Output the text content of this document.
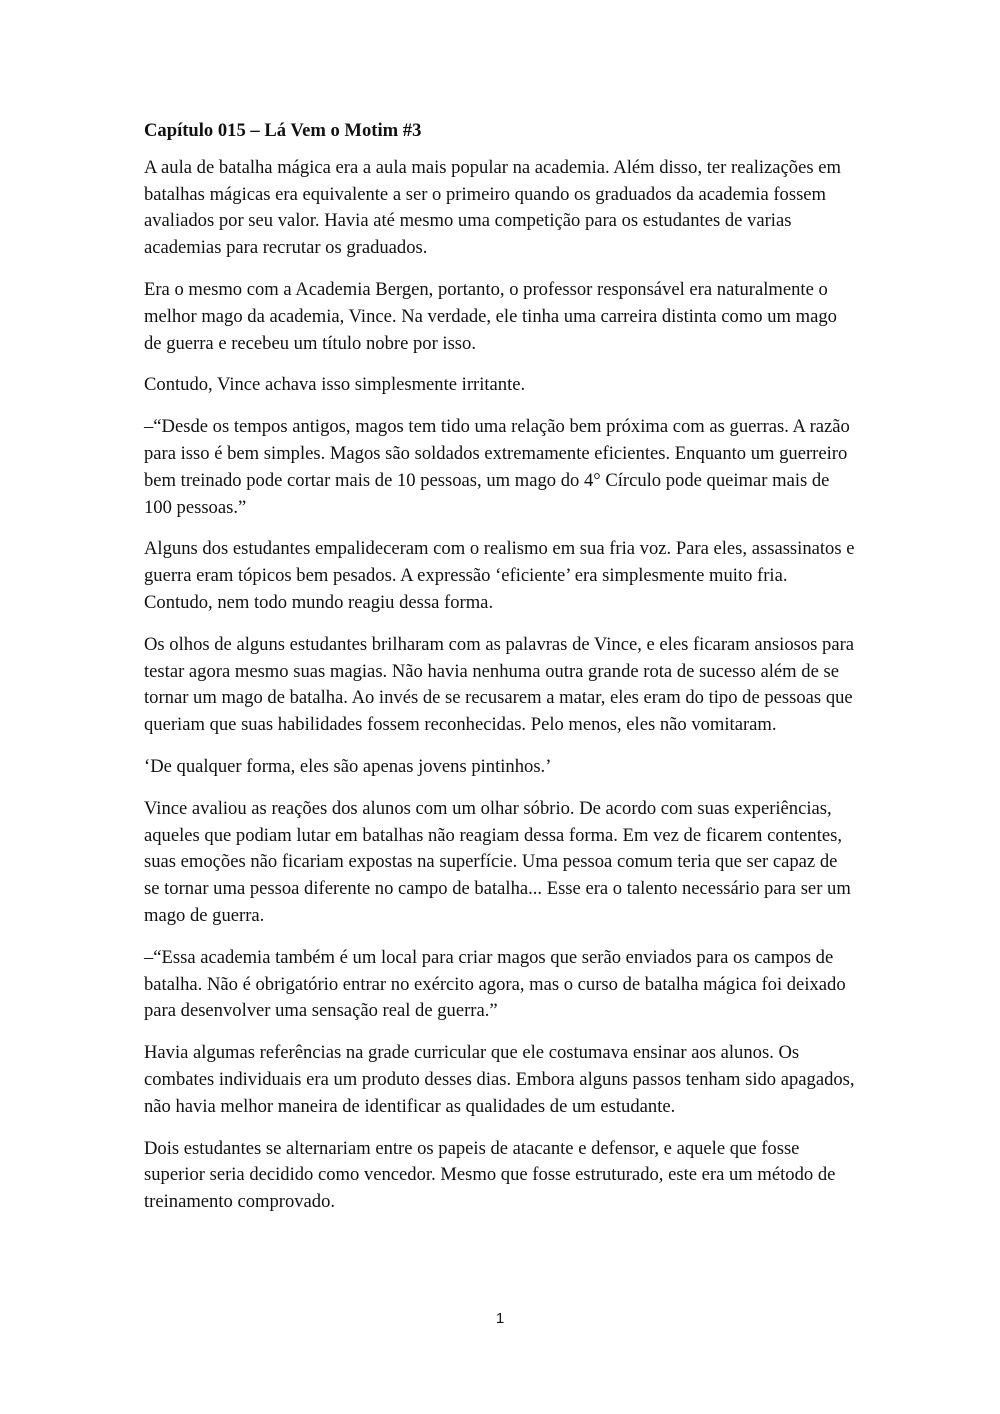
Capítulo 015 – Lá Vem o Motim #3

A aula de batalha mágica era a aula mais popular na academia. Além disso, ter realizações em batalhas mágicas era equivalente a ser o primeiro quando os graduados da academia fossem avaliados por seu valor. Havia até mesmo uma competição para os estudantes de varias academias para recrutar os graduados.

Era o mesmo com a Academia Bergen, portanto, o professor responsável era naturalmente o melhor mago da academia, Vince. Na verdade, ele tinha uma carreira distinta como um mago de guerra e recebeu um título nobre por isso.

Contudo, Vince achava isso simplesmente irritante.

–“Desde os tempos antigos, magos tem tido uma relação bem próxima com as guerras. A razão para isso é bem simples. Magos são soldados extremamente eficientes. Enquanto um guerreiro bem treinado pode cortar mais de 10 pessoas, um mago do 4° Círculo pode queimar mais de 100 pessoas.”

Alguns dos estudantes empalideceram com o realismo em sua fria voz. Para eles, assassinatos e guerra eram tópicos bem pesados. A expressão ‘eficiente’ era simplesmente muito fria. Contudo, nem todo mundo reagiu dessa forma.

Os olhos de alguns estudantes brilharam com as palavras de Vince, e eles ficaram ansiosos para testar agora mesmo suas magias. Não havia nenhuma outra grande rota de sucesso além de se tornar um mago de batalha. Ao invés de se recusarem a matar, eles eram do tipo de pessoas que queriam que suas habilidades fossem reconhecidas. Pelo menos, eles não vomitaram.

‘De qualquer forma, eles são apenas jovens pintinhos.’

Vince avaliou as reações dos alunos com um olhar sóbrio. De acordo com suas experiências, aqueles que podiam lutar em batalhas não reagiam dessa forma. Em vez de ficarem contentes, suas emoções não ficariam expostas na superfície. Uma pessoa comum teria que ser capaz de se tornar uma pessoa diferente no campo de batalha... Esse era o talento necessário para ser um mago de guerra.

–“Essa academia também é um local para criar magos que serão enviados para os campos de batalha. Não é obrigatório entrar no exército agora, mas o curso de batalha mágica foi deixado para desenvolver uma sensação real de guerra.”

Havia algumas referências na grade curricular que ele costumava ensinar aos alunos. Os combates individuais era um produto desses dias. Embora alguns passos tenham sido apagados, não havia melhor maneira de identificar as qualidades de um estudante.

Dois estudantes se alternariam entre os papeis de atacante e defensor, e aquele que fosse superior seria decidido como vencedor. Mesmo que fosse estruturado, este era um método de treinamento comprovado.

1
